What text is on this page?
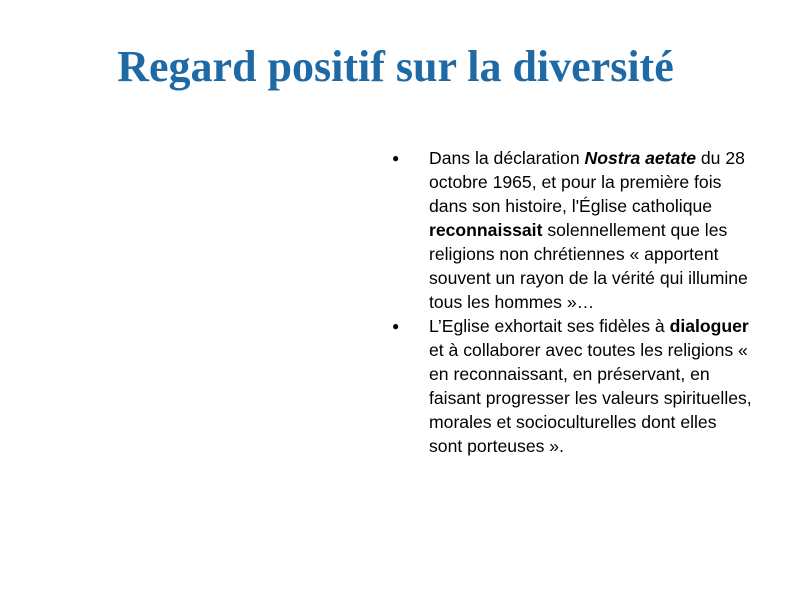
Regard positif sur la diversité
● Dans la déclaration Nostra aetate du 28 octobre 1965, et pour la première fois dans son histoire, l'Église catholique reconnaissait solennellement que les religions non chrétiennes « apportent souvent un rayon de la vérité qui illumine tous les hommes »…
● L’Eglise exhortait ses fidèles à dialoguer et à collaborer avec toutes les religions « en reconnaissant, en préservant, en faisant progresser les valeurs spirituelles, morales et socioculturelles dont elles sont porteuses ».
